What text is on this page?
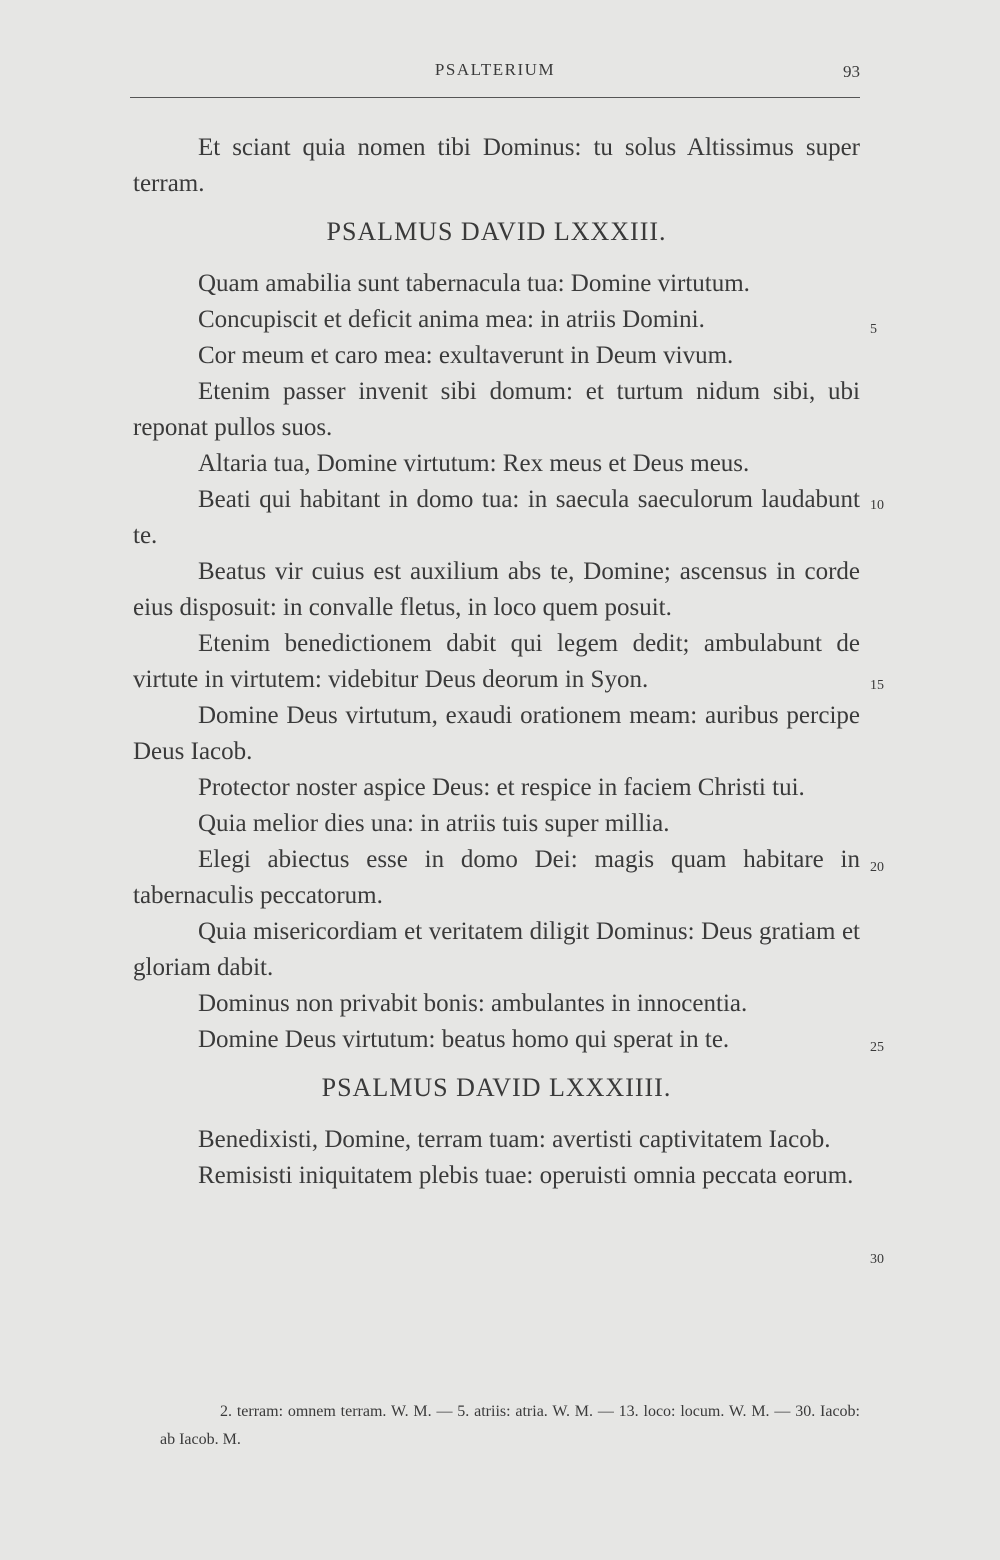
PSALTERIUM	93

Et sciant quia nomen tibi Dominus: tu solus Altissimus super terram.

PSALMUS DAVID LXXXIII.

Quam amabilia sunt tabernacula tua: Domine virtutum.

Concupiscit et deficit anima mea: in atriis Domini.

Cor meum et caro mea: exultaverunt in Deum vivum.

Etenim passer invenit sibi domum: et turtum nidum sibi, ubi reponat pullos suos.

Altaria tua, Domine virtutum: Rex meus et Deus meus.

Beati qui habitant in domo tua: in saecula saeculorum laudabunt te.

Beatus vir cuius est auxilium abs te, Domine; ascensus in corde eius disposuit: in convalle fletus, in loco quem posuit.

Etenim benedictionem dabit qui legem dedit; ambulabunt de virtute in virtutem: videbitur Deus deorum in Syon.

Domine Deus virtutum, exaudi orationem meam: auribus percipe Deus Iacob.

Protector noster aspice Deus: et respice in faciem Christi tui.

Quia melior dies una: in atriis tuis super millia.

Elegi abiectus esse in domo Dei: magis quam habitare in tabernaculis peccatorum.

Quia misericordiam et veritatem diligit Dominus: Deus gratiam et gloriam dabit.

Dominus non privabit bonis: ambulantes in innocentia.

Domine Deus virtutum: beatus homo qui sperat in te.

PSALMUS DAVID LXXXIIII.

Benedixisti, Domine, terram tuam: avertisti captivitatem Iacob.

Remisisti iniquitatem plebis tuae: operuisti omnia peccata eorum.

5
10
15
20
25
30

2. terram: omnem terram. W. M. — 5. atriis: atria. W. M. — 13. loco: locum. W. M. — 30. Iacob: ab Iacob. M.
